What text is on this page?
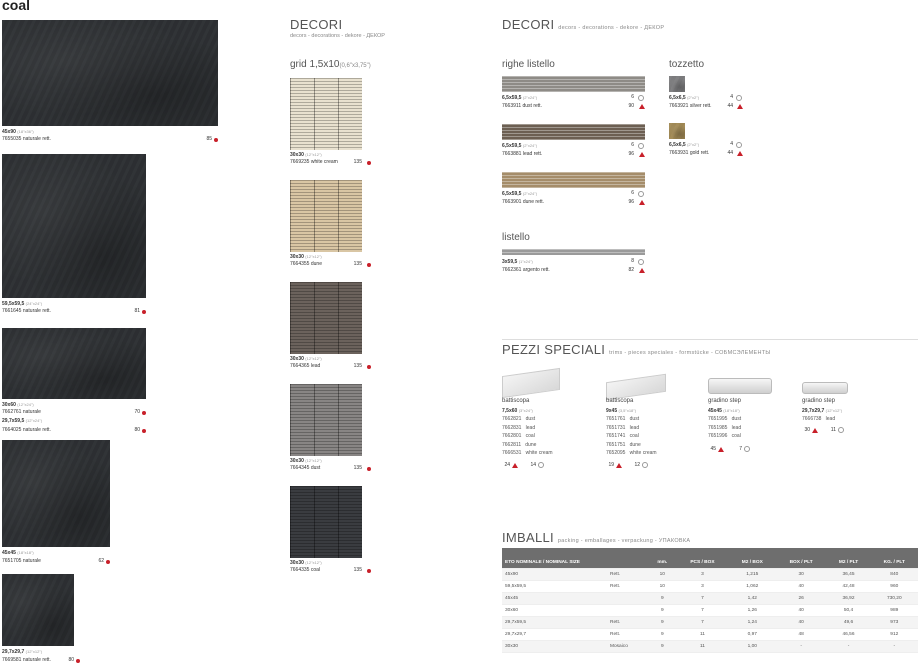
coal
45x90 (18"x36")
7655035 naturale rett.	85
59,5x59,5 (24"x24")
7661645 naturale rett.	81
30x60 (12"x24")
7662761 naturale	70
29,7x59,5 (12"x24")
7664025 naturale rett.	80
45x45 (18"x18")
7651705 naturale	62
29,7x29,7 (12"x12")
7669581 naturale rett.	80
DECORI
decors - decorations - dekore - ДЕКОР
grid 1,5x10(0,6"x3,75")
30x30 (12"x12")
7669235 white cream	135
30x30 (12"x12")
7664355 dune	135
30x30 (12"x12")
7664365 lead	135
30x30 (12"x12")
7664345 dust	135
30x30 (12"x12")
7664335 coal	135
DECORI decors - decorations - dekore - ДЕКОР
righe listello
6,5x59,5 (2"x24")
7663911 dust rett.
6
90
6,5x59,5 (2"x24")
7663881 lead rett.
6
96
6,5x59,5 (2"x24")
7663901 dune rett.
6
96
tozzetto
6,5x6,5 (2"x2")
7663921 silver rett.
4
44
6,5x6,5 (2"x2")
7663931 gold rett.
4
44
listello
3x59,5 (1"x24")
7662361 argento rett.
8
82
PEZZI SPECIALI trims - pieces speciales - formstücke - СОБМСЭЛЕМЕНТЫ
battiscopa
7,5x60 (3"x24")
7662821 dust
7662831 lead
7662801 coal
7662811 dune
7666531 white cream
24	14
battiscopa
9x45 (3,5"x18")
7651761 dust
7651731 lead
7651741 coal
7651751 dune
7652095 white cream
19	12
gradino step
45x45 (18"x18")
7651995 dust
7651985 lead
7651996 coal
45	7
gradino step
29,7x29,7 (12"x12")
7666738 lead
30	11
IMBALLI packing - emballages - verpackung - УПАКОВКА
ETO NOMINALE / NOMINAL SIZE		mm.	PCS / BOX	M2 / BOX	BOX / PLT	M2 / PLT	KG. / PLT
45x90	Rett.	10	3	1,215	30	36,45	840
59,5x59,5	Rett.	10	3	1,062	40	42,48	960
45x45		9	7	1,42	26	36,92	730,20
30x60		9	7	1,26	40	50,4	989
29,7x59,5	Rett.	9	7	1,24	40	49,6	973
29,7x29,7	Rett.	9	11	0,97	48	46,56	912
30x30	Mosaico	9	11	1,00	-	-	-
